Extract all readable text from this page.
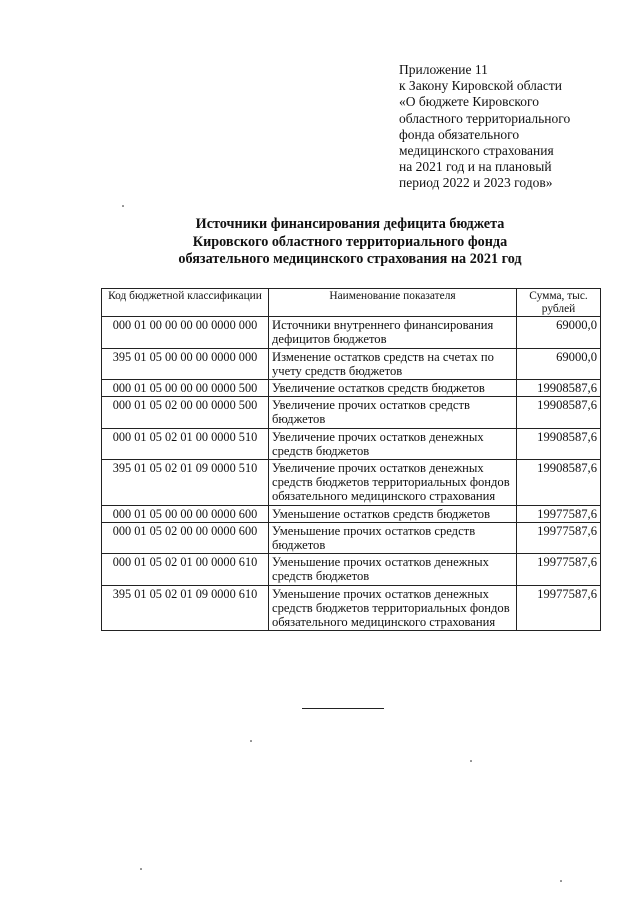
Приложение 11
к Закону Кировской области
«О бюджете Кировского
областного территориального
фонда обязательного
медицинского страхования
на 2021 год и на плановый
период 2022 и 2023 годов»
Источники финансирования дефицита бюджета
Кировского областного территориального фонда
обязательного медицинского страхования на 2021 год
Код бюджетной классификации	Наименование показателя	Сумма, тыс. рублей
000 01 00 00 00 00 0000 000	Источники внутреннего финансирования дефицитов бюджетов	69000,0
395 01 05 00 00 00 0000 000	Изменение остатков средств на счетах по учету средств бюджетов	69000,0
000 01 05 00 00 00 0000 500	Увеличение остатков средств бюджетов	19908587,6
000 01 05 02 00 00 0000 500	Увеличение прочих остатков средств бюджетов	19908587,6
000 01 05 02 01 00 0000 510	Увеличение прочих остатков денежных средств бюджетов	19908587,6
395 01 05 02 01 09 0000 510	Увеличение прочих остатков денежных средств бюджетов территориальных фондов обязательного медицинского страхования	19908587,6
000 01 05 00 00 00 0000 600	Уменьшение остатков средств бюджетов	19977587,6
000 01 05 02 00 00 0000 600	Уменьшение прочих остатков средств бюджетов	19977587,6
000 01 05 02 01 00 0000 610	Уменьшение прочих остатков денежных средств бюджетов	19977587,6
395 01 05 02 01 09 0000 610	Уменьшение прочих остатков денежных средств бюджетов территориальных фондов обязательного медицинского страхования	19977587,6
